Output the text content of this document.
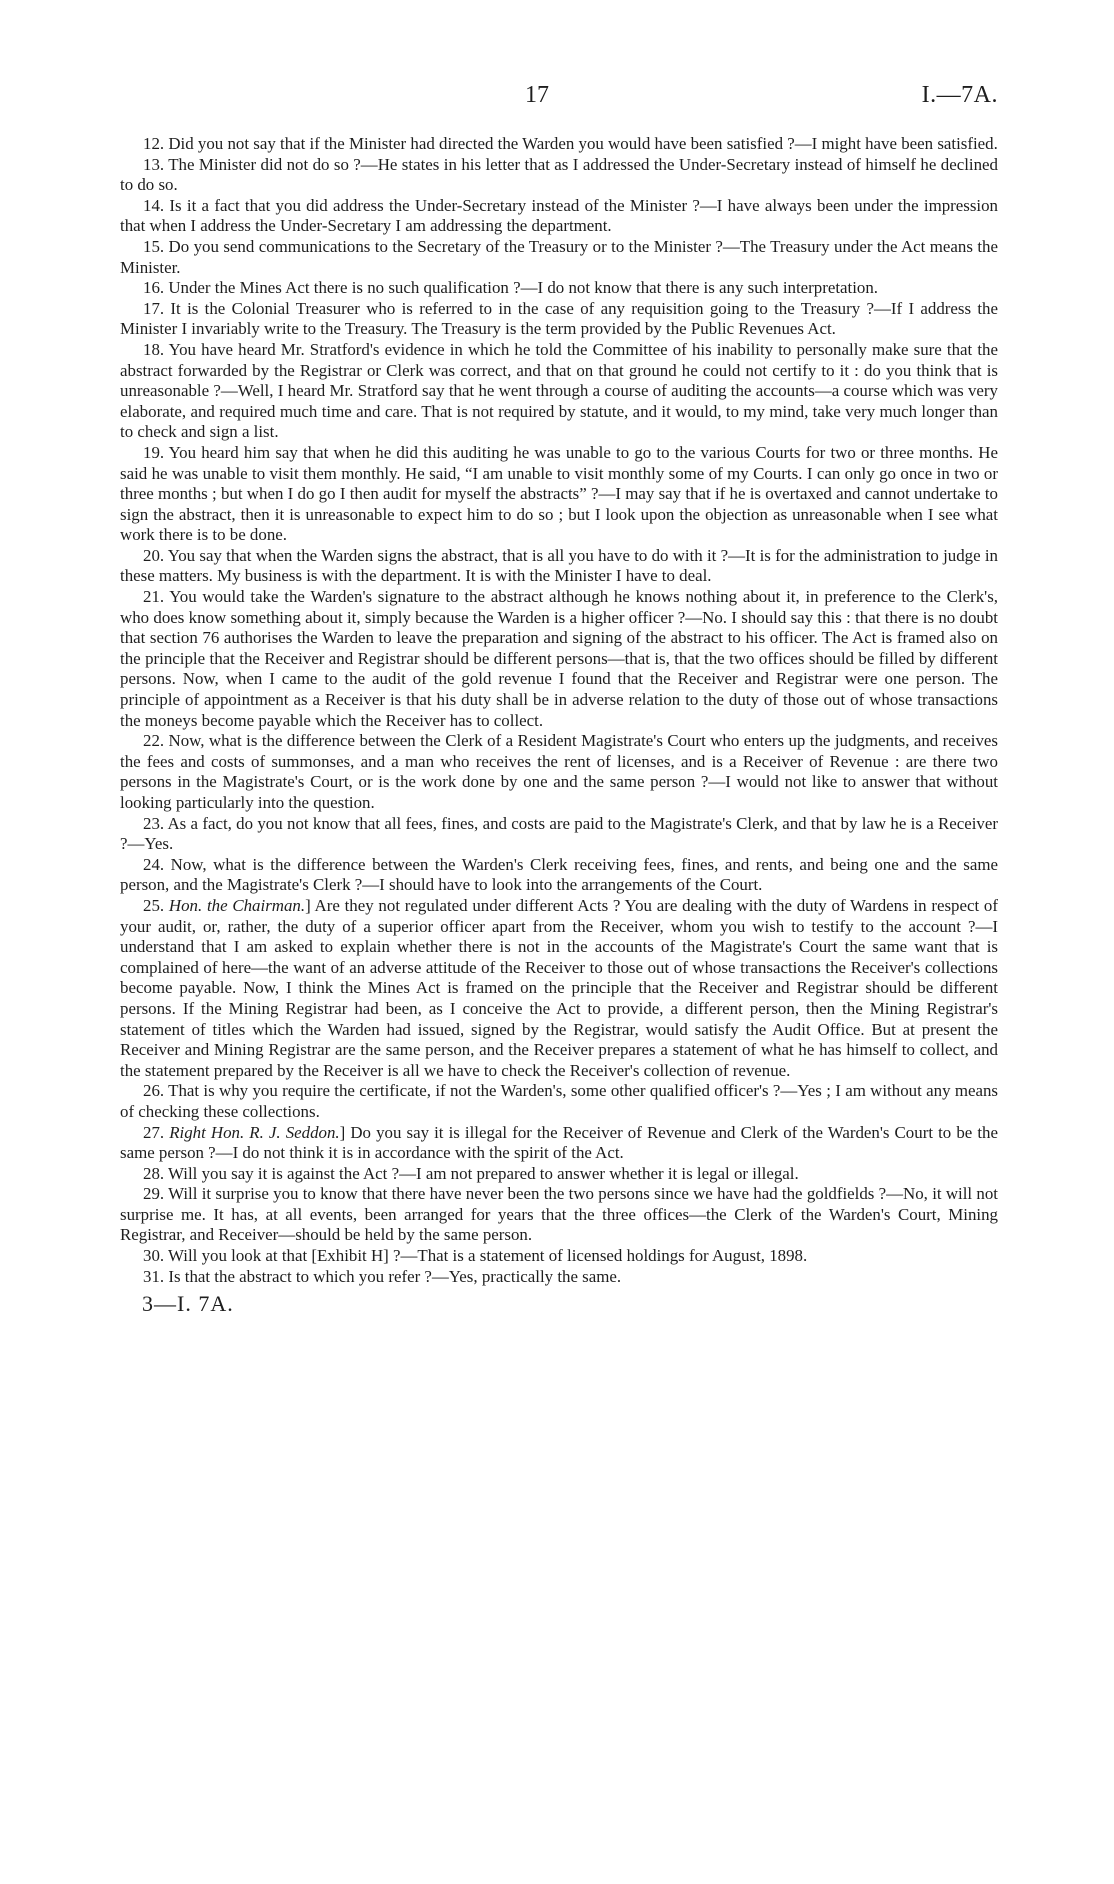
17	I.—7A.

12. Did you not say that if the Minister had directed the Warden you would have been satisfied ?—I might have been satisfied.

13. The Minister did not do so ?—He states in his letter that as I addressed the Under-Secretary instead of himself he declined to do so.

14. Is it a fact that you did address the Under-Secretary instead of the Minister ?—I have always been under the impression that when I address the Under-Secretary I am addressing the department.

15. Do you send communications to the Secretary of the Treasury or to the Minister ?—The Treasury under the Act means the Minister.

16. Under the Mines Act there is no such qualification ?—I do not know that there is any such interpretation.

17. It is the Colonial Treasurer who is referred to in the case of any requisition going to the Treasury ?—If I address the Minister I invariably write to the Treasury. The Treasury is the term provided by the Public Revenues Act.

18. You have heard Mr. Stratford's evidence in which he told the Committee of his inability to personally make sure that the abstract forwarded by the Registrar or Clerk was correct, and that on that ground he could not certify to it : do you think that is unreasonable ?—Well, I heard Mr. Stratford say that he went through a course of auditing the accounts—a course which was very elaborate, and required much time and care. That is not required by statute, and it would, to my mind, take very much longer than to check and sign a list.

19. You heard him say that when he did this auditing he was unable to go to the various Courts for two or three months. He said he was unable to visit them monthly. He said, “I am unable to visit monthly some of my Courts. I can only go once in two or three months ; but when I do go I then audit for myself the abstracts” ?—I may say that if he is overtaxed and cannot undertake to sign the abstract, then it is unreasonable to expect him to do so ; but I look upon the objection as unreasonable when I see what work there is to be done.

20. You say that when the Warden signs the abstract, that is all you have to do with it ?—It is for the administration to judge in these matters. My business is with the department. It is with the Minister I have to deal.

21. You would take the Warden's signature to the abstract although he knows nothing about it, in preference to the Clerk's, who does know something about it, simply because the Warden is a higher officer ?—No. I should say this : that there is no doubt that section 76 authorises the Warden to leave the preparation and signing of the abstract to his officer. The Act is framed also on the principle that the Receiver and Registrar should be different persons—that is, that the two offices should be filled by different persons. Now, when I came to the audit of the gold revenue I found that the Receiver and Registrar were one person. The principle of appointment as a Receiver is that his duty shall be in adverse relation to the duty of those out of whose transactions the moneys become payable which the Receiver has to collect.

22. Now, what is the difference between the Clerk of a Resident Magistrate's Court who enters up the judgments, and receives the fees and costs of summonses, and a man who receives the rent of licenses, and is a Receiver of Revenue : are there two persons in the Magistrate's Court, or is the work done by one and the same person ?—I would not like to answer that without looking particularly into the question.

23. As a fact, do you not know that all fees, fines, and costs are paid to the Magistrate's Clerk, and that by law he is a Receiver ?—Yes.

24. Now, what is the difference between the Warden's Clerk receiving fees, fines, and rents, and being one and the same person, and the Magistrate's Clerk ?—I should have to look into the arrangements of the Court.

25. Hon. the Chairman.] Are they not regulated under different Acts ? You are dealing with the duty of Wardens in respect of your audit, or, rather, the duty of a superior officer apart from the Receiver, whom you wish to testify to the account ?—I understand that I am asked to explain whether there is not in the accounts of the Magistrate's Court the same want that is complained of here—the want of an adverse attitude of the Receiver to those out of whose transactions the Receiver's collections become payable. Now, I think the Mines Act is framed on the principle that the Receiver and Registrar should be different persons. If the Mining Registrar had been, as I conceive the Act to provide, a different person, then the Mining Registrar's statement of titles which the Warden had issued, signed by the Registrar, would satisfy the Audit Office. But at present the Receiver and Mining Registrar are the same person, and the Receiver prepares a statement of what he has himself to collect, and the statement prepared by the Receiver is all we have to check the Receiver's collection of revenue.

26. That is why you require the certificate, if not the Warden's, some other qualified officer's ?—Yes ; I am without any means of checking these collections.

27. Right Hon. R. J. Seddon.] Do you say it is illegal for the Receiver of Revenue and Clerk of the Warden's Court to be the same person ?—I do not think it is in accordance with the spirit of the Act.

28. Will you say it is against the Act ?—I am not prepared to answer whether it is legal or illegal.

29. Will it surprise you to know that there have never been the two persons since we have had the goldfields ?—No, it will not surprise me. It has, at all events, been arranged for years that the three offices—the Clerk of the Warden's Court, Mining Registrar, and Receiver—should be held by the same person.

30. Will you look at that [Exhibit H] ?—That is a statement of licensed holdings for August, 1898.

31. Is that the abstract to which you refer ?—Yes, practically the same.

3—I. 7A.
